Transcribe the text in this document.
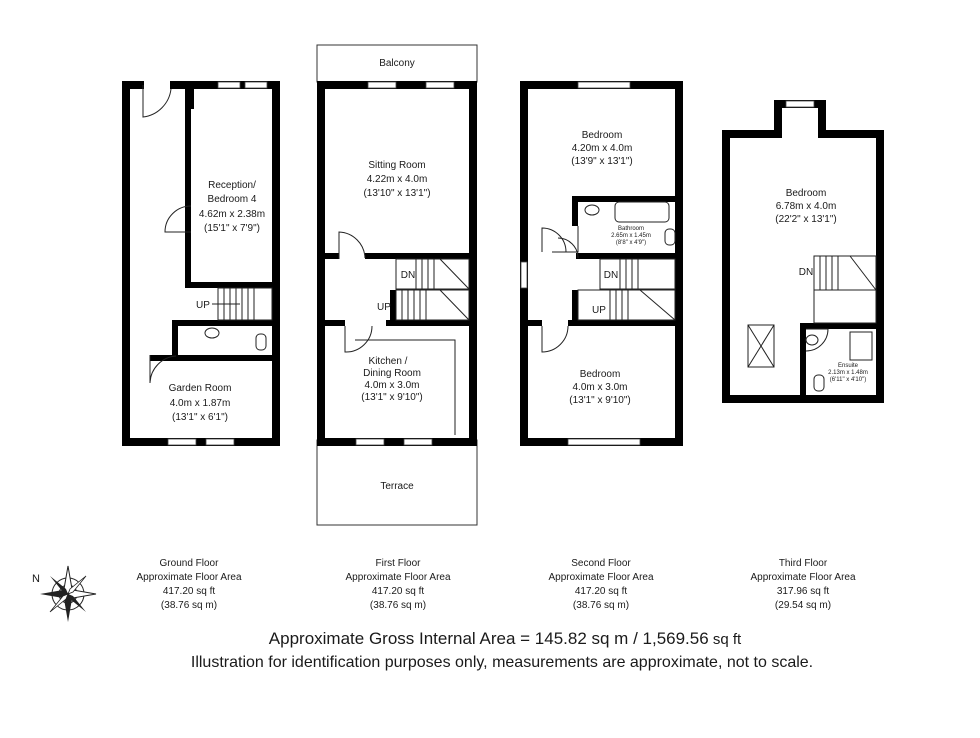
Reception/
Bedroom 4
4.62m x 2.38m
(15'1" x 7'9")
UP
Garden Room
4.0m x 1.87m
(13'1" x 6'1")
Balcony
Sitting Room
4.22m x 4.0m
(13'10" x 13'1")
DN
UP
Kitchen /
Dining Room
4.0m x 3.0m
(13'1" x 9'10")
Terrace
Bedroom
4.20m x 4.0m
(13'9" x 13'1")
Bathroom
2.65m x 1.45m
(8'8" x 4'9")
DN
UP
Bedroom
4.0m x 3.0m
(13'1" x 9'10")
Bedroom
6.78m x 4.0m
(22'2" x 13'1")
DN
Ensuite
2.13m x 1.48m
(6'11" x 4'10")
Ground Floor
Approximate Floor Area
417.20 sq ft
(38.76 sq m)
First Floor
Approximate Floor Area
417.20 sq ft
(38.76 sq m)
Second Floor
Approximate Floor Area
417.20 sq ft
(38.76 sq m)
Third Floor
Approximate Floor Area
317.96 sq ft
(29.54 sq m)
N
Approximate Gross Internal Area = 145.82 sq m / 1,569.56 sq ft
Illustration for identification purposes only, measurements are approximate, not to scale.
